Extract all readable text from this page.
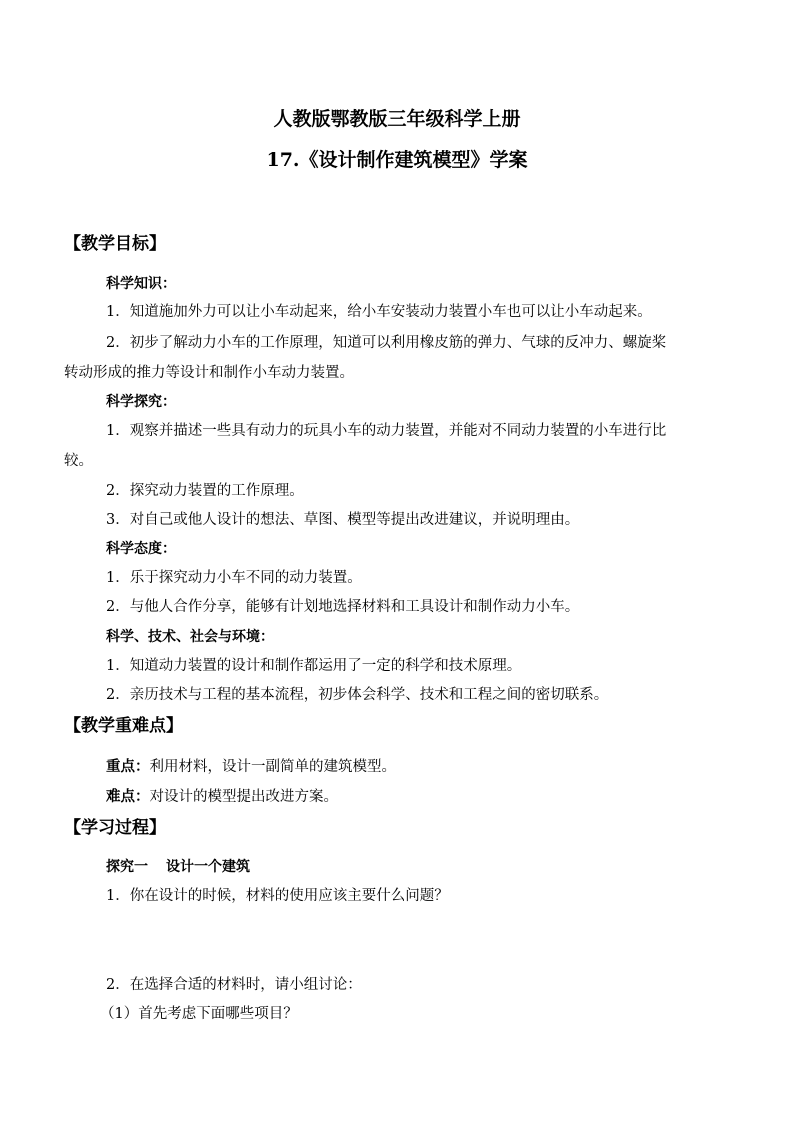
人教版鄂教版三年级科学上册
17.《设计制作建筑模型》学案
【教学目标】
科学知识：
1．知道施加外力可以让小车动起来，给小车安装动力装置小车也可以让小车动起来。
2．初步了解动力小车的工作原理，知道可以利用橡皮筋的弹力、气球的反冲力、螺旋桨
转动形成的推力等设计和制作小车动力装置。
科学探究：
1．观察并描述一些具有动力的玩具小车的动力装置，并能对不同动力装置的小车进行比
较。
2．探究动力装置的工作原理。
3．对自己或他人设计的想法、草图、模型等提出改进建议，并说明理由。
科学态度：
1．乐于探究动力小车不同的动力装置。
2．与他人合作分享，能够有计划地选择材料和工具设计和制作动力小车。
科学、技术、社会与环境：
1．知道动力装置的设计和制作都运用了一定的科学和技术原理。
2．亲历技术与工程的基本流程，初步体会科学、技术和工程之间的密切联系。
【教学重难点】
重点：利用材料，设计一副简单的建筑模型。
难点：对设计的模型提出改进方案。
【学习过程】
探究一 设计一个建筑
1．你在设计的时候，材料的使用应该主要什么问题？
2．在选择合适的材料时，请小组讨论：
（1）首先考虑下面哪些项目？
